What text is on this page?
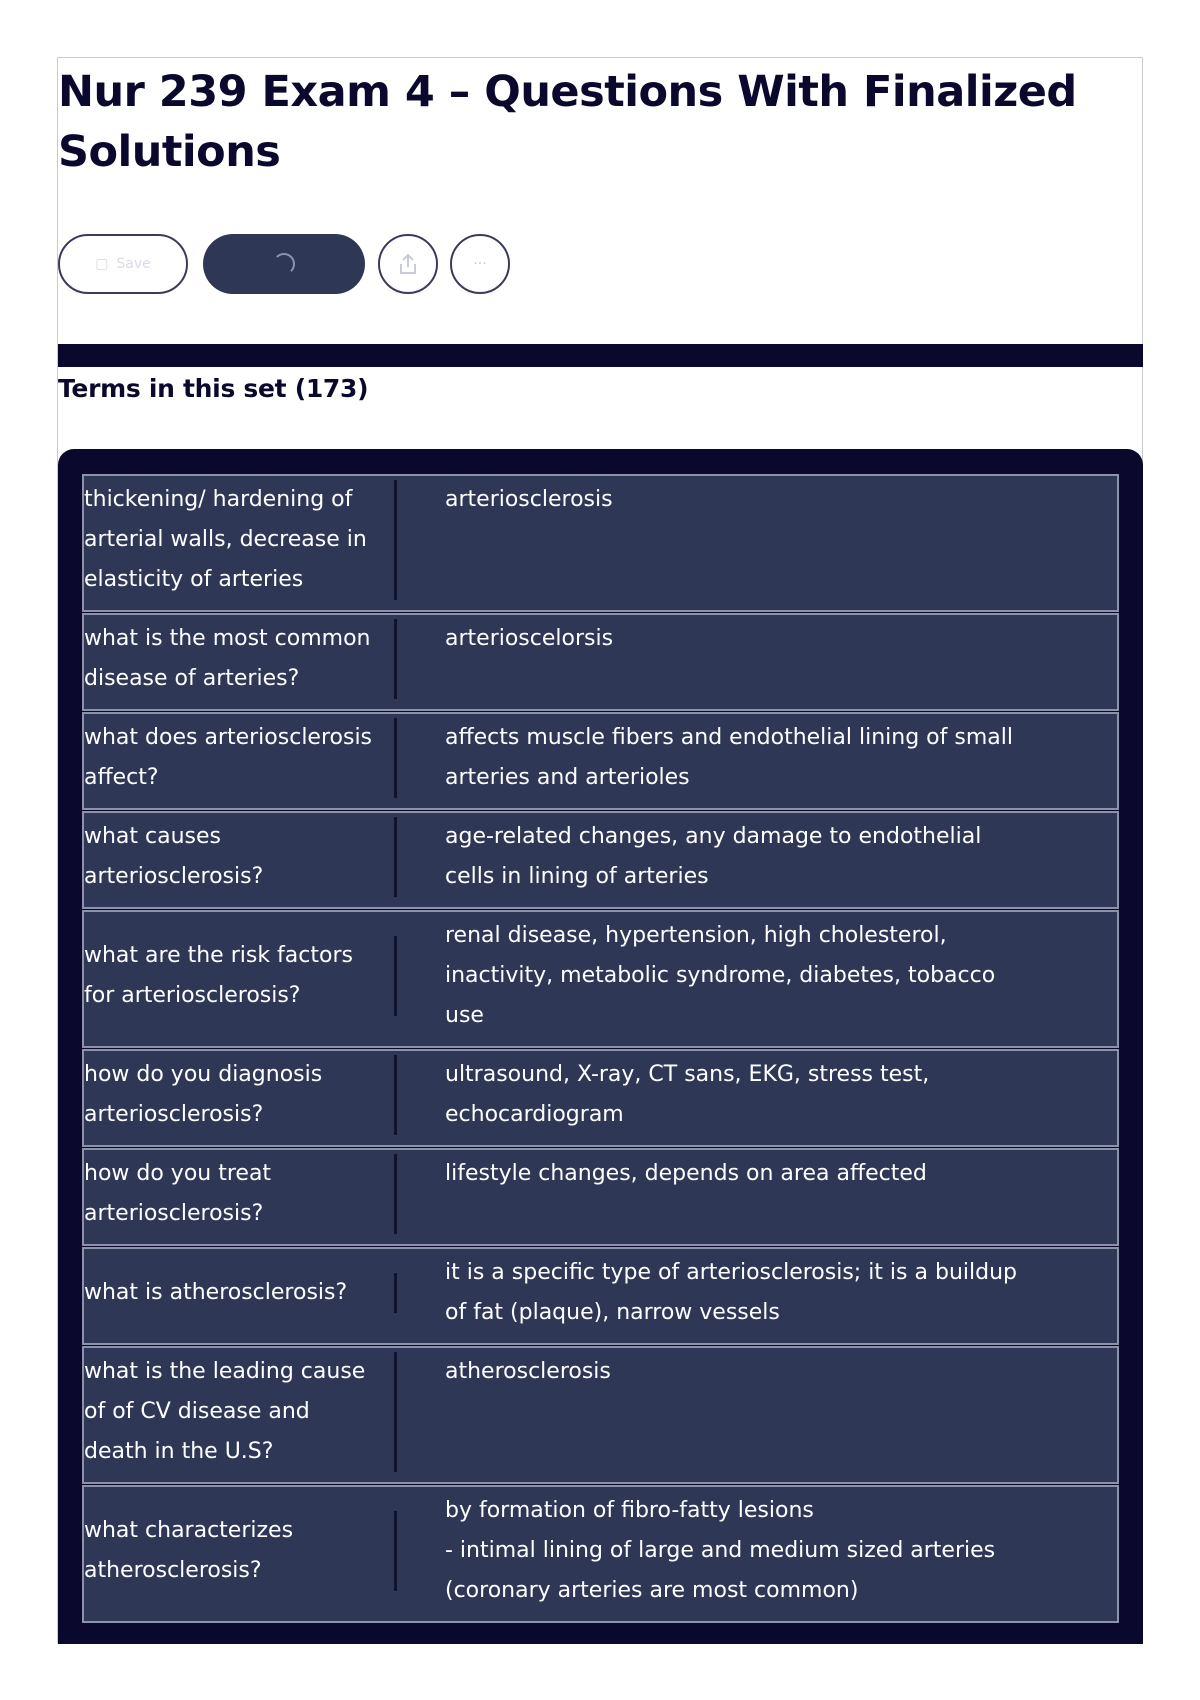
Nur 239 Exam 4 – Questions With Finalized Solutions
▢ Save	···
Terms in this set (173)
thickening/ hardening of arterial walls, decrease in elasticity of arteries
arteriosclerosis
what is the most common disease of arteries?
arterioscelorsis
what does arteriosclerosis affect?
affects muscle fibers and endothelial lining of small arteries and arterioles
what causes arteriosclerosis?
age-related changes, any damage to endothelial cells in lining of arteries
what are the risk factors for arteriosclerosis?
renal disease, hypertension, high cholesterol, inactivity, metabolic syndrome, diabetes, tobacco use
how do you diagnosis arteriosclerosis?
ultrasound, X-ray, CT sans, EKG, stress test, echocardiogram
how do you treat arteriosclerosis?
lifestyle changes, depends on area affected
what is atherosclerosis?
it is a specific type of arteriosclerosis; it is a buildup of fat (plaque), narrow vessels
what is the leading cause of of CV disease and death in the U.S?
atherosclerosis
what characterizes atherosclerosis?
by formation of fibro-fatty lesions
- intimal lining of large and medium sized arteries (coronary arteries are most common)
